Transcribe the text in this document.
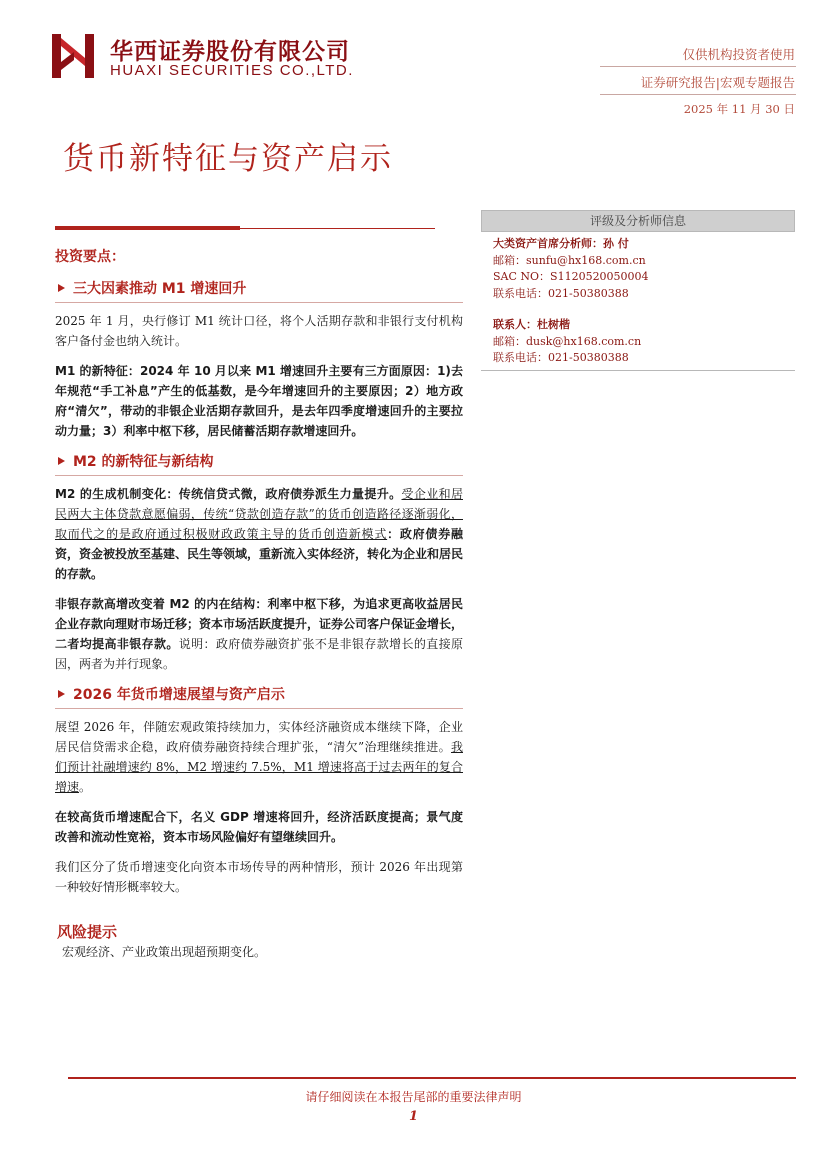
华西证券股份有限公司
HUAXI SECURITIES CO.,LTD.
仅供机构投资者使用
证券研究报告|宏观专题报告
2025 年 11 月 30 日
货币新特征与资产启示
投资要点：
三大因素推动 M1 增速回升

2025 年 1 月，央行修订 M1 统计口径，将个人活期存款和非银行支付机构客户备付金也纳入统计。

M1 的新特征：2024 年 10 月以来 M1 增速回升主要有三方面原因：1)去年规范“手工补息”产生的低基数，是今年增速回升的主要原因；2）地方政府“清欠”，带动的非银企业活期存款回升，是去年四季度增速回升的主要拉动力量；3）利率中枢下移，居民储蓄活期存款增速回升。

M2 的新特征与新结构

M2 的生成机制变化：传统信贷式微，政府债券派生力量提升。受企业和居民两大主体贷款意愿偏弱，传统“贷款创造存款”的货币创造路径逐渐弱化，取而代之的是政府通过积极财政政策主导的货币创造新模式：政府债券融资，资金被投放至基建、民生等领域，重新流入实体经济，转化为企业和居民的存款。

非银存款高增改变着 M2 的内在结构：利率中枢下移，为追求更高收益居民企业存款向理财市场迁移；资本市场活跃度提升，证券公司客户保证金增长，二者均提高非银存款。说明：政府债券融资扩张不是非银存款增长的直接原因，两者为并行现象。

2026 年货币增速展望与资产启示

展望 2026 年，伴随宏观政策持续加力，实体经济融资成本继续下降，企业居民信贷需求企稳，政府债券融资持续合理扩张，“清欠”治理继续推进。我们预计社融增速约 8%，M2 增速约 7.5%，M1 增速将高于过去两年的复合增速。

在较高货币增速配合下，名义 GDP 增速将回升，经济活跃度提高；景气度改善和流动性宽裕，资本市场风险偏好有望继续回升。

我们区分了货币增速变化向资本市场传导的两种情形，预计 2026 年出现第一种较好情形概率较大。

风险提示
宏观经济、产业政策出现超预期变化。
评级及分析师信息
大类资产首席分析师：孙 付
邮箱：sunfu@hx168.com.cn
SAC NO：S1120520050004
联系电话：021-50380388
联系人：杜树楷
邮箱：dusk@hx168.com.cn
联系电话：021-50380388
请仔细阅读在本报告尾部的重要法律声明
1
